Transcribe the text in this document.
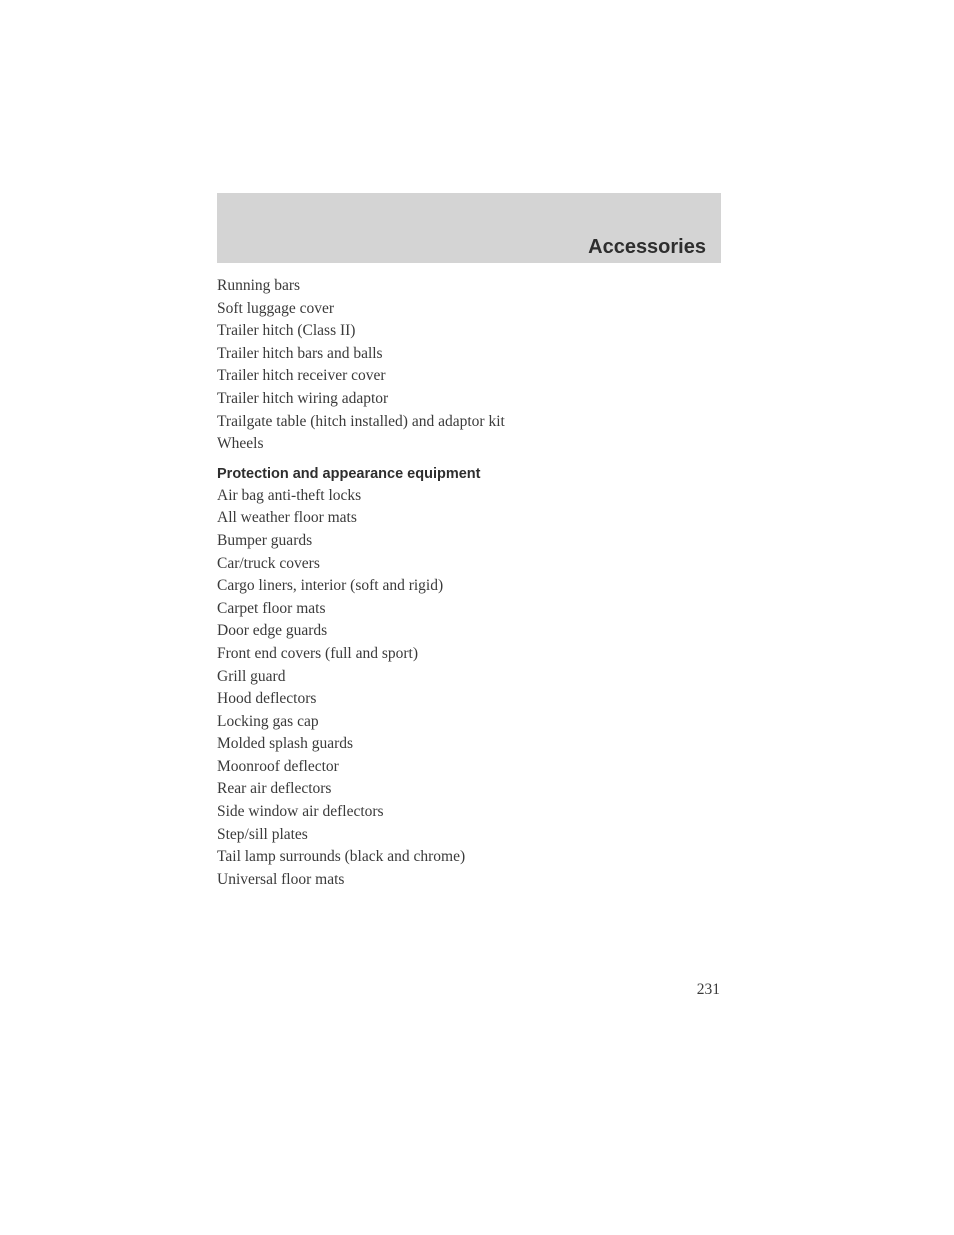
Accessories
Running bars
Soft luggage cover
Trailer hitch (Class II)
Trailer hitch bars and balls
Trailer hitch receiver cover
Trailer hitch wiring adaptor
Trailgate table (hitch installed) and adaptor kit
Wheels
Protection and appearance equipment
Air bag anti-theft locks
All weather floor mats
Bumper guards
Car/truck covers
Cargo liners, interior (soft and rigid)
Carpet floor mats
Door edge guards
Front end covers (full and sport)
Grill guard
Hood deflectors
Locking gas cap
Molded splash guards
Moonroof deflector
Rear air deflectors
Side window air deflectors
Step/sill plates
Tail lamp surrounds (black and chrome)
Universal floor mats
231
